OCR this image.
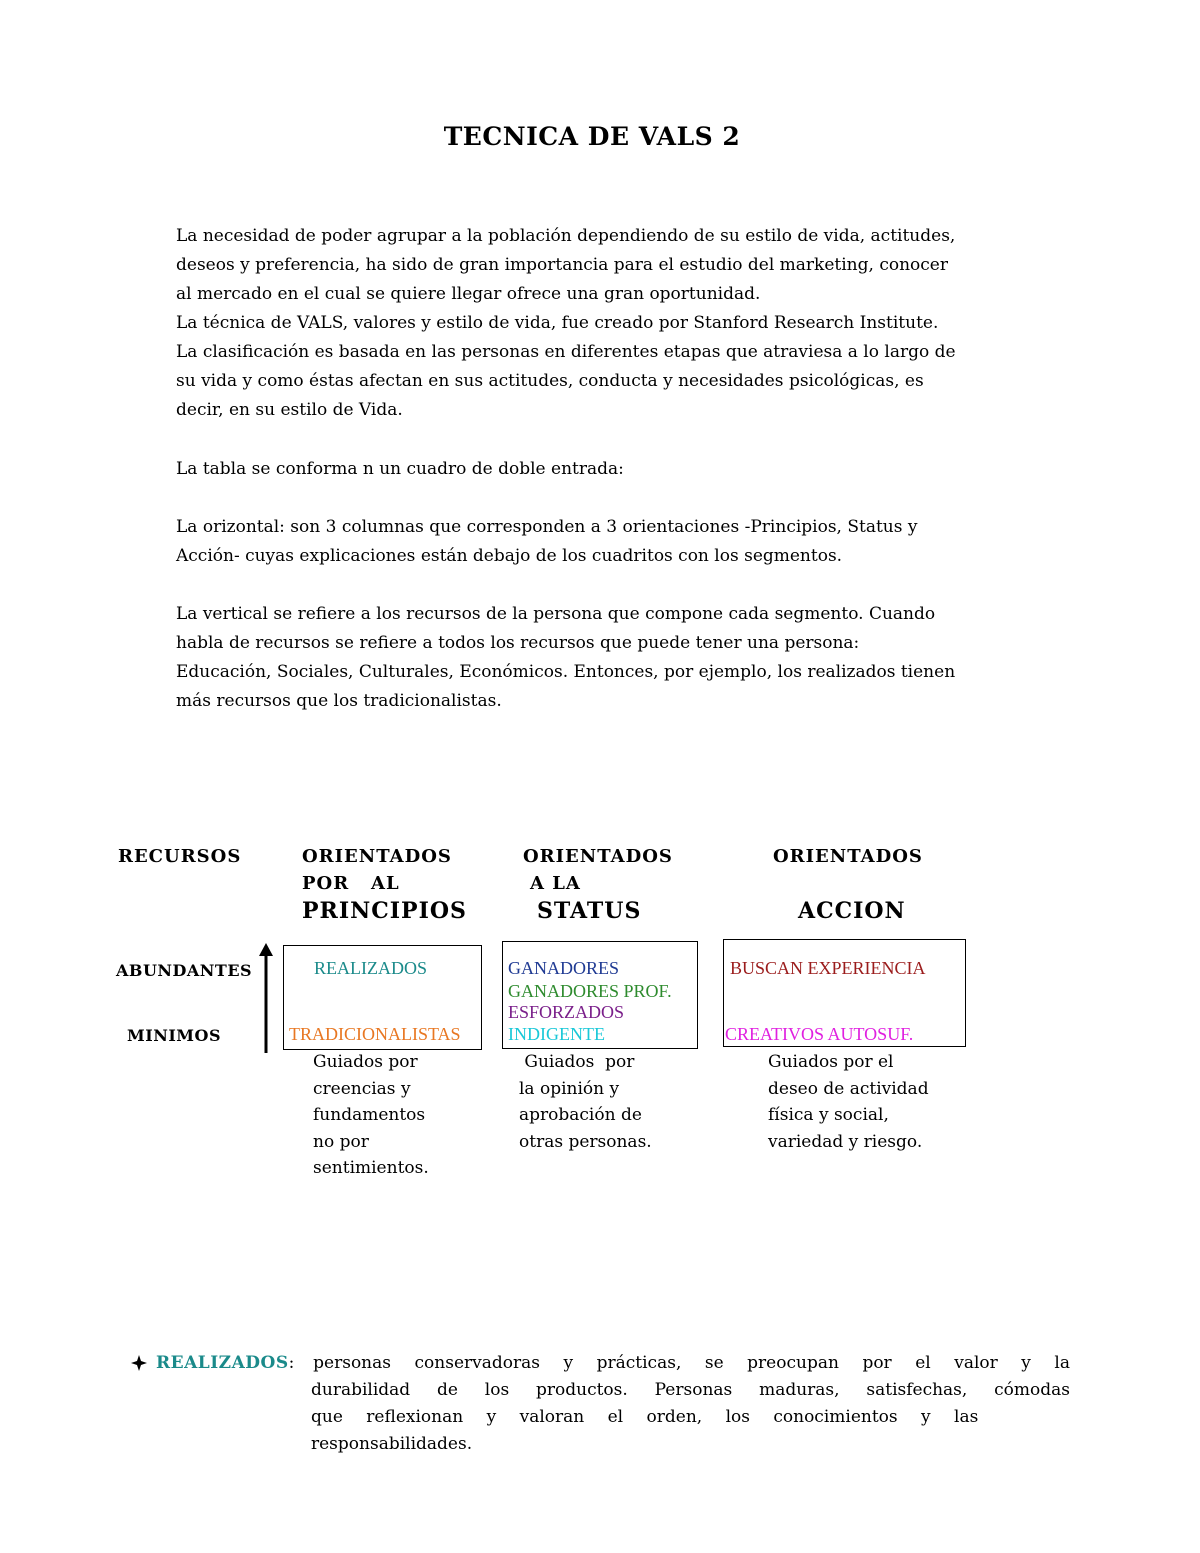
TECNICA DE VALS 2

La necesidad de poder agrupar a la población dependiendo de su estilo de vida, actitudes,

deseos y preferencia, ha sido de gran importancia para el estudio del marketing, conocer

al mercado en el cual se quiere llegar ofrece una gran oportunidad.

La técnica de VALS, valores y estilo de vida, fue creado por Stanford Research Institute.

La clasificación es basada en las personas en diferentes etapas que atraviesa a lo largo de

su vida y como éstas afectan en sus actitudes, conducta y necesidades psicológicas, es

decir, en su estilo de Vida.

La tabla se conforma n un cuadro de doble entrada:

La orizontal: son 3 columnas que corresponden a 3 orientaciones -Principios, Status y

Acción- cuyas explicaciones están debajo de los cuadritos con los segmentos.

La vertical se refiere a los recursos de la persona que compone cada segmento. Cuando

habla de recursos se refiere a todos los recursos que puede tener una persona:

Educación, Sociales, Culturales, Económicos. Entonces, por ejemplo, los realizados tienen

más recursos que los tradicionalistas.

RECURSOS	ORIENTADOS
POR   AL
PRINCIPIOS
ORIENTADOS
A LA
STATUS
ORIENTADOS
ACCION
ABUNDANTES
MINIMOS
REALIZADOS
TRADICIONALISTAS
GANADORES
GANADORES PROF.
ESFORZADOS
INDIGENTE
BUSCAN EXPERIENCIA
CREATIVOS AUTOSUF.
Guiados por
creencias y
fundamentos
no por
sentimientos.
Guiados  por
la opinión y
aprobación de
otras personas.
Guiados por el
deseo de actividad
física y social,
variedad y riesgo.
REALIZADOS: personas conservadoras y prácticas, se preocupan por el valor y la
durabilidad de los productos. Personas maduras, satisfechas, cómodas
que reflexionan y valoran el orden, los conocimientos y las
responsabilidades.
